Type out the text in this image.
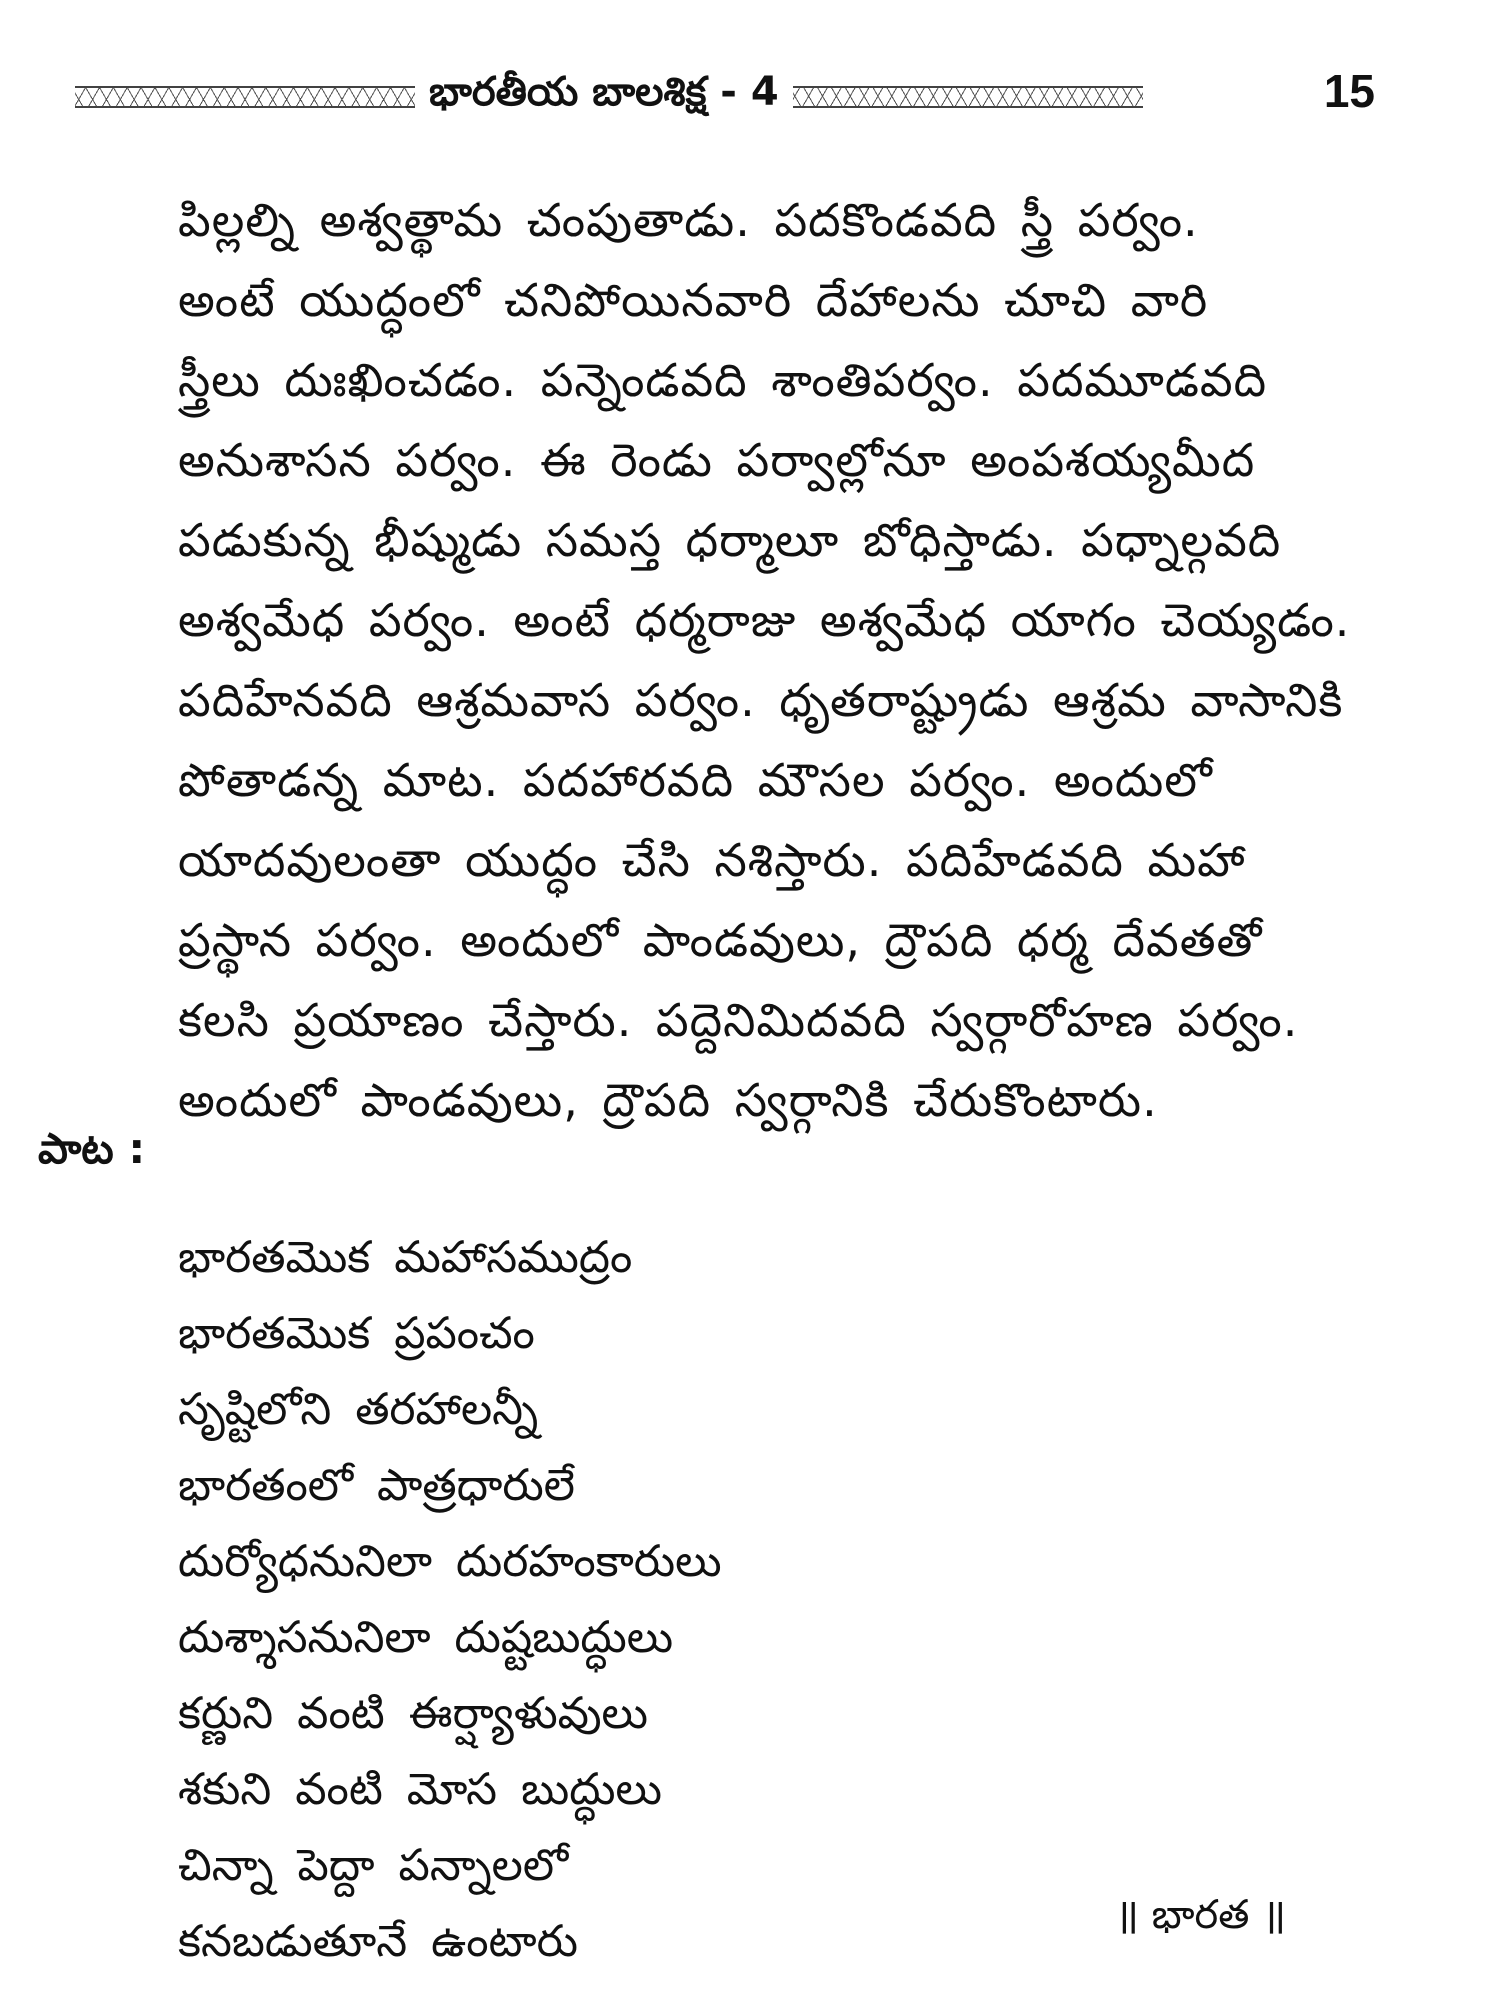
భారతీయ బాలశిక్ష - 4	15
పిల్లల్ని అశ్వత్థామ చంపుతాడు. పదకొండవది స్త్రీ పర్వం.
అంటే యుద్ధంలో చనిపోయినవారి దేహాలను చూచి వారి
స్త్రీలు దుఃఖించడం. పన్నెండవది శాంతిపర్వం. పదమూడవది
అనుశాసన పర్వం. ఈ రెండు పర్వాల్లోనూ అంపశయ్యమీద
పడుకున్న భీష్ముడు సమస్త ధర్మాలూ బోధిస్తాడు. పధ్నాల్గవది
అశ్వమేధ పర్వం. అంటే ధర్మరాజు అశ్వమేధ యాగం చెయ్యడం.
పదిహేనవది ఆశ్రమవాస పర్వం. ధృతరాష్ట్రుడు ఆశ్రమ వాసానికి
పోతాడన్న మాట. పదహారవది మౌసల పర్వం. అందులో
యాదవులంతా యుద్ధం చేసి నశిస్తారు. పదిహేడవది మహా
ప్రస్థాన పర్వం. అందులో పాండవులు, ద్రౌపది ధర్మ దేవతతో
కలసి ప్రయాణం చేస్తారు. పద్దెనిమిదవది స్వర్గారోహణ పర్వం.
అందులో పాండవులు, ద్రౌపది స్వర్గానికి చేరుకొంటారు.
పాట :
భారతమొక మహాసముద్రం
భారతమొక ప్రపంచం
సృష్టిలోని తరహాలన్నీ
భారతంలో పాత్రధారులే
దుర్యోధనునిలా దురహంకారులు
దుశ్శాసనునిలా దుష్టబుద్ధులు
కర్ణుని వంటి ఈర్ష్యాళువులు
శకుని వంటి మోస బుద్ధులు
చిన్నా పెద్దా పన్నాలలో
కనబడుతూనే ఉంటారు
॥ భారత ॥
